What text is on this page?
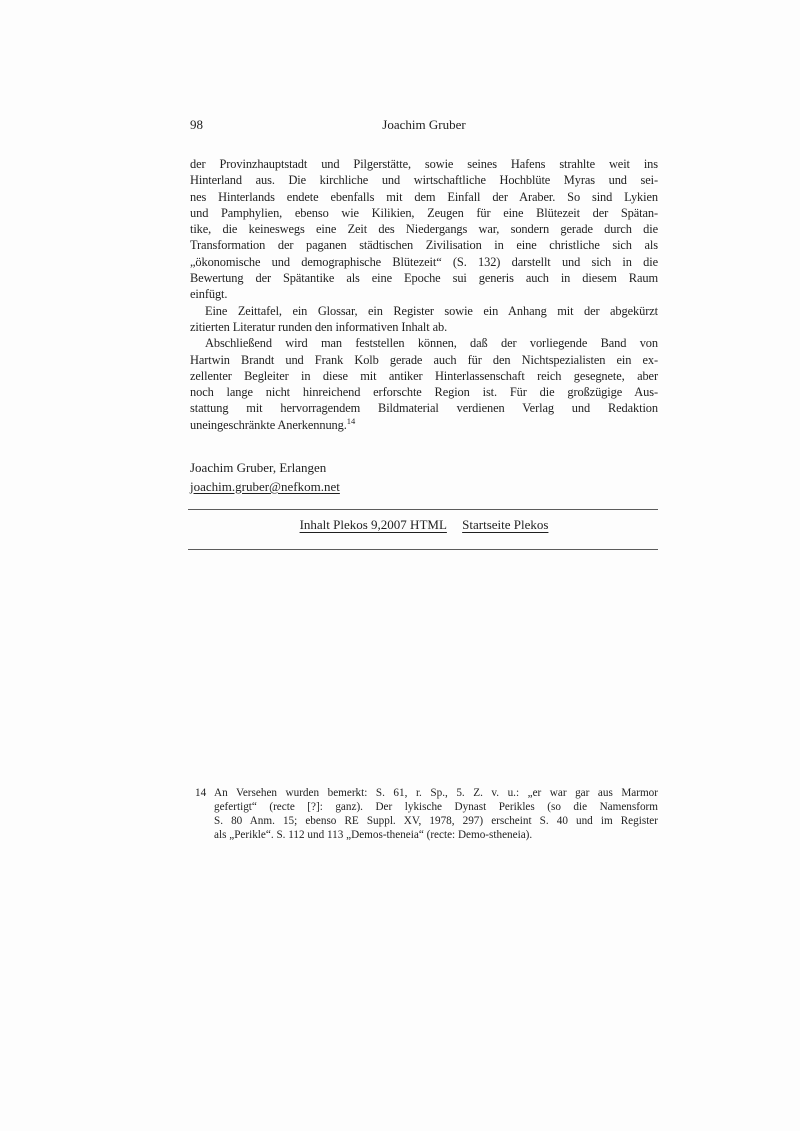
98	Joachim Gruber
der Provinzhauptstadt und Pilgerstätte, sowie seines Hafens strahlte weit ins
Hinterland aus. Die kirchliche und wirtschaftliche Hochblüte Myras und sei-
nes Hinterlands endete ebenfalls mit dem Einfall der Araber. So sind Lykien
und Pamphylien, ebenso wie Kilikien, Zeugen für eine Blütezeit der Spätan-
tike, die keineswegs eine Zeit des Niedergangs war, sondern gerade durch die
Transformation der paganen städtischen Zivilisation in eine christliche sich als
„ökonomische und demographische Blütezeit“ (S. 132) darstellt und sich in die
Bewertung der Spätantike als eine Epoche sui generis auch in diesem Raum
einfügt.
Eine Zeittafel, ein Glossar, ein Register sowie ein Anhang mit der abgekürzt
zitierten Literatur runden den informativen Inhalt ab.
Abschließend wird man feststellen können, daß der vorliegende Band von
Hartwin Brandt und Frank Kolb gerade auch für den Nichtspezialisten ein ex-
zellenter Begleiter in diese mit antiker Hinterlassenschaft reich gesegnete, aber
noch lange nicht hinreichend erforschte Region ist. Für die großzügige Aus-
stattung mit hervorragendem Bildmaterial verdienen Verlag und Redaktion
uneingeschränkte Anerkennung.$^{14}$
Joachim Gruber, Erlangen
joachim.gruber@nefkom.net
Inhalt Plekos 9,2007 HTML Startseite Plekos
14 An Versehen wurden bemerkt: S. 61, r. Sp., 5. Z. v. u.: „er war gar aus Marmor
gefertigt“ (recte [?]: ganz). Der lykische Dynast Perikles (so die Namensform
S. 80 Anm. 15; ebenso RE Suppl. XV, 1978, 297) erscheint S. 40 und im Register
als „Perikle“. S. 112 und 113 „Demos-theneia“ (recte: Demo-stheneia).
